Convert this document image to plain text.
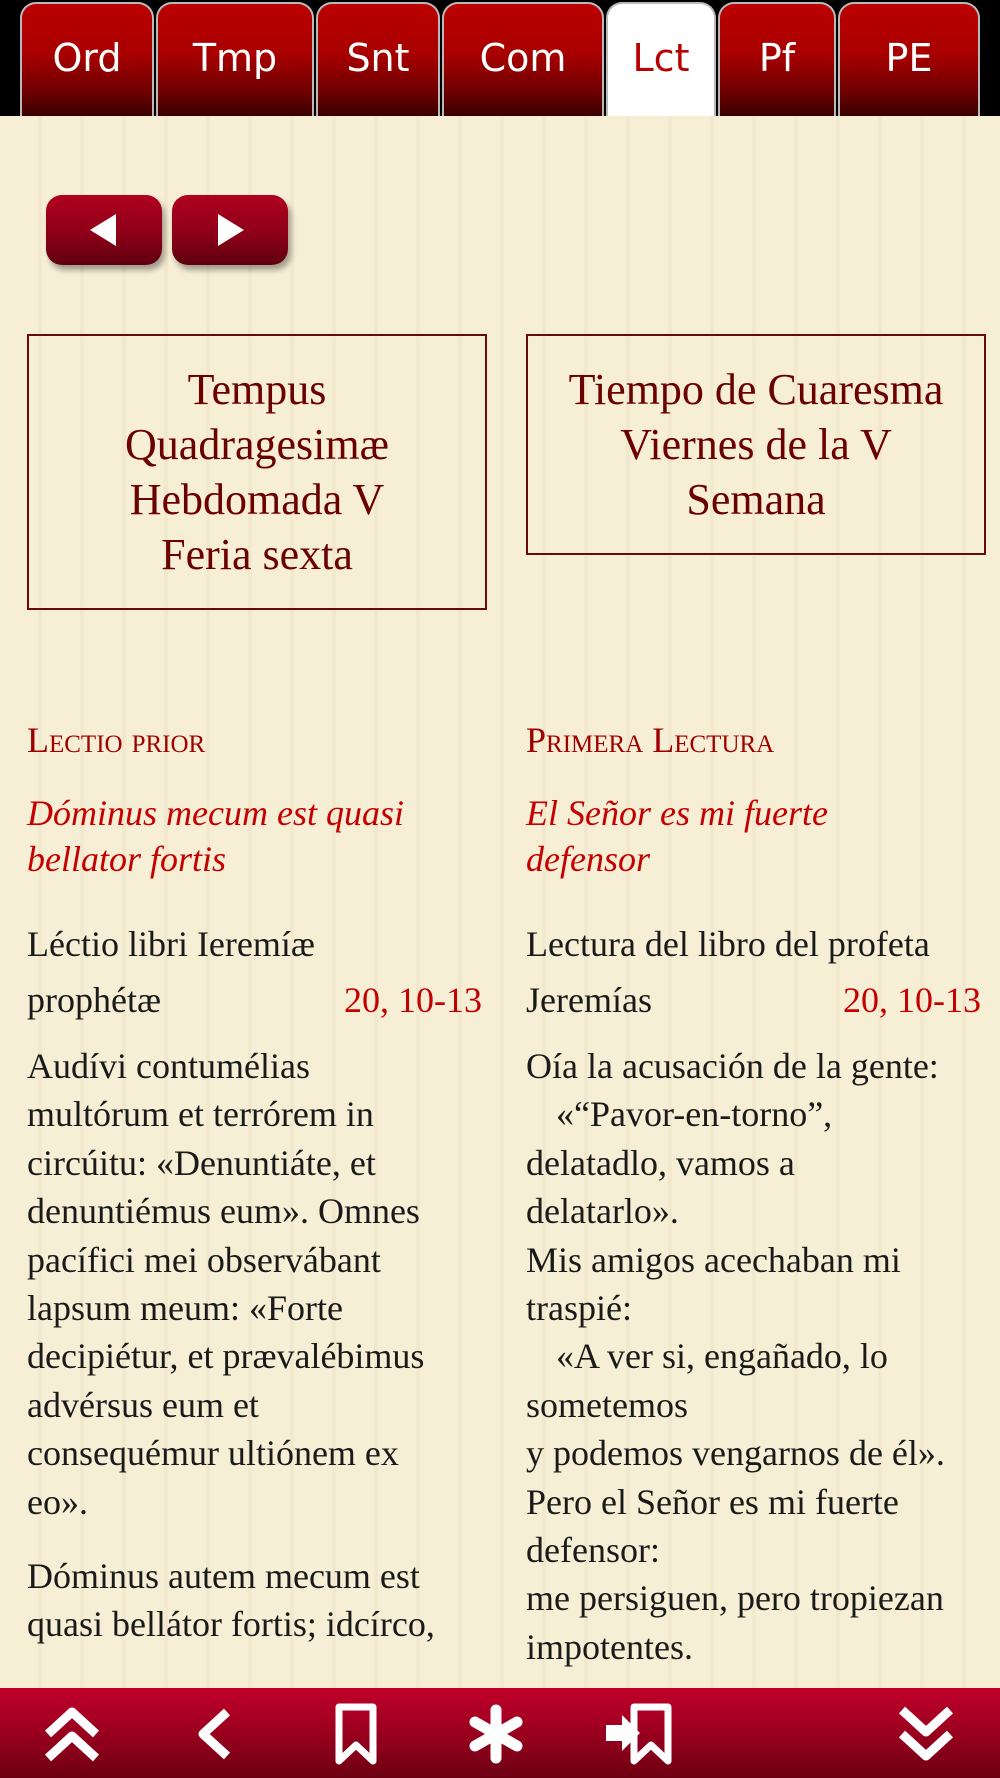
Ord	Tmp	Snt	Com	Lct	Pf	PE
Tempus
Quadragesimæ
Hebdomada V
Feria sexta
Tiempo de Cuaresma
Viernes de la V
Semana
Lectio prior
Dóminus mecum est quasi
bellator fortis
Léctio libri Ieremíæ
prophétæ	20, 10-13
Audívi contumélias
multórum et terrórem in
circúitu: «Denuntiáte, et
denuntiémus eum». Omnes
pacífici mei observábant
lapsum meum: «Forte
decipiétur, et prævalébimus
advérsus eum et
consequémur ultiónem ex
eo».
Dóminus autem mecum est
quasi bellátor fortis; idcírco,
Primera Lectura
El Señor es mi fuerte
defensor
Lectura del libro del profeta
Jeremías	20, 10-13
Oía la acusación de la gente:
«“Pavor-en-torno”,
delatadlo, vamos a
delatarlo».
Mis amigos acechaban mi
traspié:
«A ver si, engañado, lo
sometemos
y podemos vengarnos de él».
Pero el Señor es mi fuerte
defensor:
me persiguen, pero tropiezan
impotentes.
